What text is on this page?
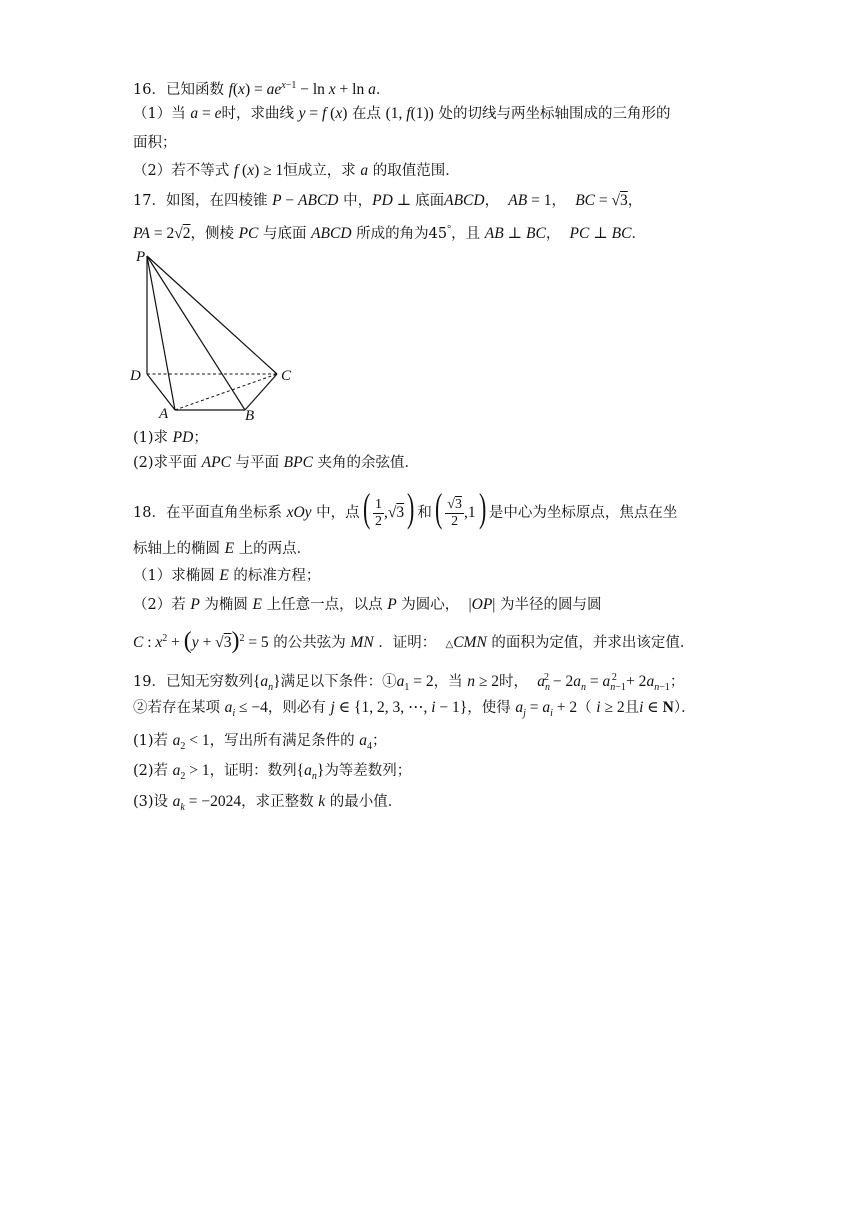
16．已知函数 $f(x) = ae^{x-1} - \ln x + \ln a$．
（1）当 a = e时，求曲线 y = f (x) 在点 (1, f(1)) 处的切线与两坐标轴围成的三角形的
面积；
（2）若不等式 f (x) ≥ 1恒成立，求 a 的取值范围．
17．如图，在四棱锥 P − ABCD 中，PD ⊥ 底面ABCD， AB = 1， BC = √3，
PA = 2√2，侧棱 PC 与底面 ABCD 所成的角为45°，且 AB ⊥ BC， PC ⊥ BC．
P
D	C
A	B
(1)求 PD；
(2)求平面 APC 与平面 BPC 夹角的余弦值．
18．在平面直角坐标系 xOy 中，点( $\frac{1}{2} ,√3$) 和( $\frac{√3}{2} ,1$) 是中心为坐标原点，焦点在坐
标轴上的椭圆 E 上的两点．
（1）求椭圆 E 的标准方程；
（2）若 P 为椭圆 E 上任意一点，以点 P 为圆心， |OP| 为半径的圆与圆
C : $x^2 + (y + √3)^2 = 5$ 的公共弦为 MN ．证明： △CMN 的面积为定值，并求出该定值．
19．已知无穷数列$\{a_n\}$满足以下条件：$①a_1 = 2$，当 n ≥ 2时， $a_n^2 - 2a_n = a_{n-1}^2 + 2a_{n-1}$；
②若存在某项 $a_i \le -4$，则必有 j ∈ {1, 2, 3, ⋯, i − 1}，使得 $a_j = a_i + 2$（ i ≥ 2且i ∈ N）．
(1)若 $a_2 < 1$，写出所有满足条件的 $a_4$；
(2)若 $a_2 > 1$，证明：数列$\{a_n\}$为等差数列；
(3)设 $a_k = -2024$，求正整数 k 的最小值．
